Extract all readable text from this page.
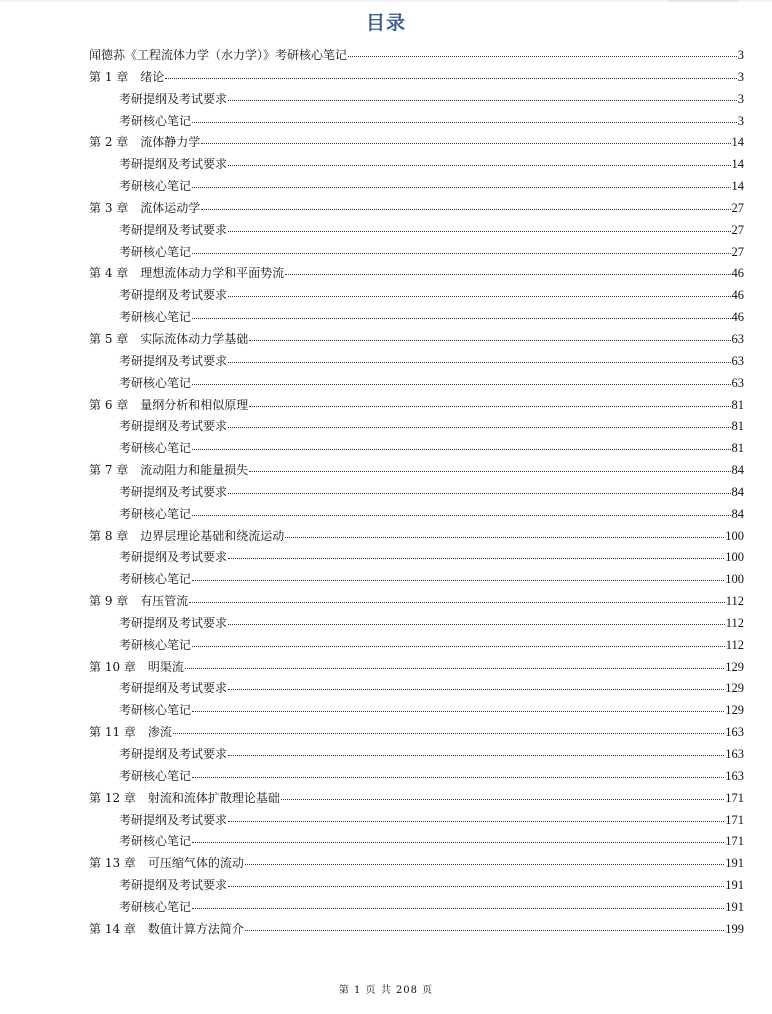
目录
闻德荪《工程流体力学（水力学）》考研核心笔记	3
第 1 章　绪论	3
考研提纲及考试要求	3
考研核心笔记	3
第 2 章　流体静力学	14
考研提纲及考试要求	14
考研核心笔记	14
第 3 章　流体运动学	27
考研提纲及考试要求	27
考研核心笔记	27
第 4 章　理想流体动力学和平面势流	46
考研提纲及考试要求	46
考研核心笔记	46
第 5 章　实际流体动力学基础	63
考研提纲及考试要求	63
考研核心笔记	63
第 6 章　量纲分析和相似原理	81
考研提纲及考试要求	81
考研核心笔记	81
第 7 章　流动阻力和能量损失	84
考研提纲及考试要求	84
考研核心笔记	84
第 8 章　边界层理论基础和绕流运动	100
考研提纲及考试要求	100
考研核心笔记	100
第 9 章　有压管流	112
考研提纲及考试要求	112
考研核心笔记	112
第 10 章　明渠流	129
考研提纲及考试要求	129
考研核心笔记	129
第 11 章　渗流	163
考研提纲及考试要求	163
考研核心笔记	163
第 12 章　射流和流体扩散理论基础	171
考研提纲及考试要求	171
考研核心笔记	171
第 13 章　可压缩气体的流动	191
考研提纲及考试要求	191
考研核心笔记	191
第 14 章　数值计算方法简介	199
第 1 页 共 208 页
